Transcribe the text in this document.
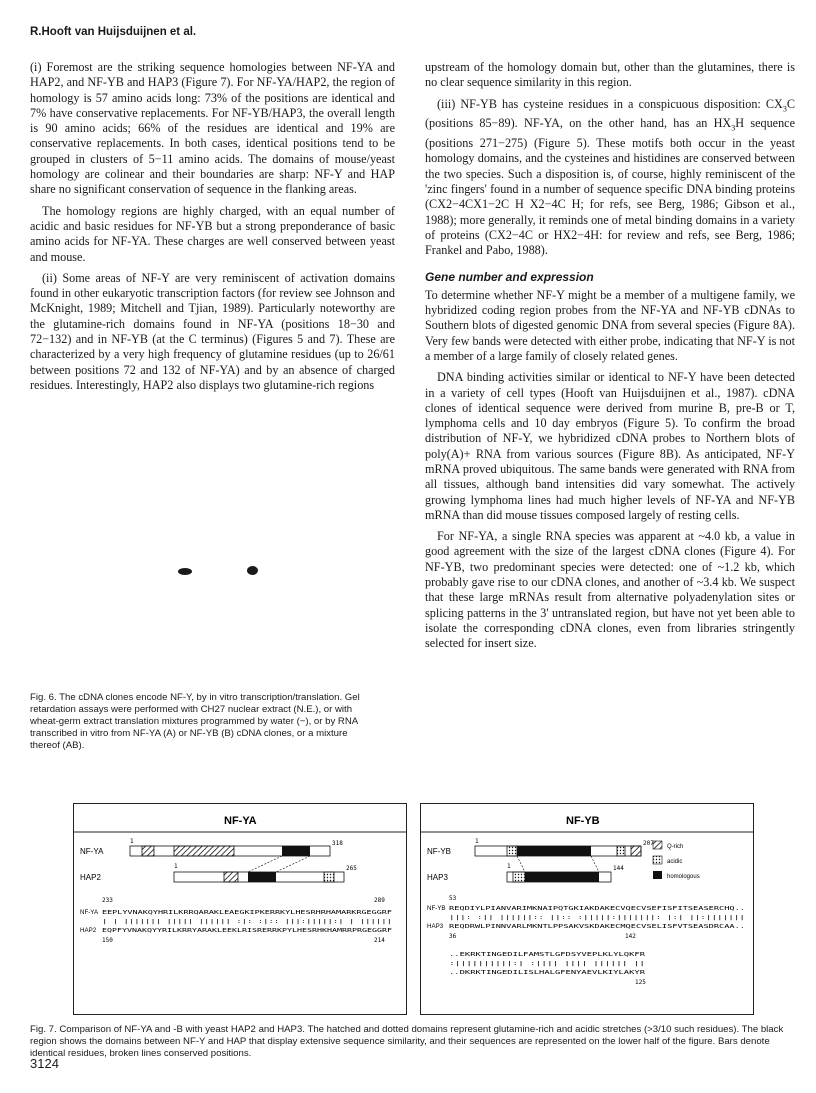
R.Hooft van Huijsduijnen et al.

(i) Foremost are the striking sequence homologies between NF-YA and HAP2, and NF-YB and HAP3 (Figure 7). For NF-YA/HAP2, the region of homology is 57 amino acids long: 73% of the positions are identical and 7% have conservative replacements. For NF-YB/HAP3, the overall length is 90 amino acids; 66% of the residues are identical and 19% are conservative replacements. In both cases, identical positions tend to be grouped in clusters of 5−11 amino acids. The domains of mouse/yeast homology are colinear and their boundaries are sharp: NF-Y and HAP share no significant conservation of sequence in the flanking areas.

The homology regions are highly charged, with an equal number of acidic and basic residues for NF-YB but a strong preponderance of basic amino acids for NF-YA. These charges are well conserved between yeast and mouse.

(ii) Some areas of NF-Y are very reminiscent of activation domains found in other eukaryotic transcription factors (for review see Johnson and McKnight, 1989; Mitchell and Tjian, 1989). Particularly noteworthy are the glutamine-rich domains found in NF-YA (positions 18−30 and 72−132) and in NF-YB (at the C terminus) (Figures 5 and 7). These are characterized by a very high frequency of glutamine residues (up to 26/61 between positions 72 and 132 of NF-YA) and by an absence of charged residues. Interestingly, HAP2 also displays two glutamine-rich regions

upstream of the homology domain but, other than the glutamines, there is no clear sequence similarity in this region.

(iii) NF-YB has cysteine residues in a conspicuous disposition: $CX_3C$ (positions 85−89). NF-YA, on the other hand, has an $HX_3H$ sequence (positions 271−275) (Figure 5). These motifs both occur in the yeast homology domains, and the cysteines and histidines are conserved between the two species. Such a disposition is, of course, highly reminiscent of the 'zinc fingers' found in a number of sequence specific DNA binding proteins (CX2−4CX1−2C H X2−4C H; for refs, see Berg, 1986; Gibson et al., 1988); more generally, it reminds one of metal binding domains in a variety of proteins (CX2−4C or HX2−4H: for review and refs, see Berg, 1986; Frankel and Pabo, 1988).

Gene number and expression

To determine whether NF-Y might be a member of a multigene family, we hybridized coding region probes from the NF-YA and NF-YB cDNAs to Southern blots of digested genomic DNA from several species (Figure 8A). Very few bands were detected with either probe, indicating that NF-Y is not a member of a large family of closely related genes.

DNA binding activities similar or identical to NF-Y have been detected in a variety of cell types (Hooft van Huijsduijnen et al., 1987). cDNA clones of identical sequence were derived from murine B, pre-B or T, lymphoma cells and 10 day embryos (Figure 5). To confirm the broad distribution of NF-Y, we hybridized cDNA probes to Northern blots of poly(A)+ RNA from various sources (Figure 8B). As anticipated, NF-Y mRNA proved ubiquitous. The same bands were generated with RNA from all tissues, although band intensities did vary somewhat. The actively growing lymphoma lines had much higher levels of NF-YA and NF-YB mRNA than did mouse tissues composed largely of resting cells.

For NF-YA, a single RNA species was apparent at ~4.0 kb, a value in good agreement with the size of the largest cDNA clones (Figure 4). For NF-YB, two predominant species were detected: one of ~1.2 kb, which probably gave rise to our cDNA clones, and another of ~3.4 kb. We suspect that these large mRNAs result from alternative polyadenylation sites or splicing patterns in the 3' untranslated region, but have not yet been able to isolate the corresponding cDNA clones, even from libraries stringently selected for insert size.

Fig. 6. The cDNA clones encode NF-Y, by in vitro transcription/translation. Gel retardation assays were performed with CH27 nuclear extract (N.E.), or with wheat-germ extract translation mixtures programmed by water (−), or by RNA transcribed in vitro from NF-YA (A) or NF-YB (B) cDNA clones, or a mixture thereof (AB).
NF-YA
NF-YA
1	318
HAP2
1	265
233	289
NF-YA EEPLYVNAKQYHRILKRRQARAKLEAEGKIPKERRKYLHESRHRHAMARKRGEGGRF
| | ||||||| ||||| |||||| :|: :|:: |||:|||||:| | ||||||
HAP2 EQPFYVNAKQYYRILKRRYARAKLEEKLRISRERRKPYLHESRHKHAMRRPRGEGGRF
150	214
NF-YB
Q-rich
acidic
homologous
NF-YB
1	207
HAP3
1	144
53
NF-YB REQDIYLPIANVARIMKNAIPQTGKIAKDAKECVQECVSEFISFITSEASERCHQ..
|||: :|| ||||||:: ||:: :|||||:|||||||: |:| ||:|||||||
HAP3 REQDRWLPINNVARLMKNTLPPSAKVSKDAKECMQECVSELISFVTSEASDRCAA..
36	142
..EKRKTINGEDILFAMSTLGFDSYVEPLKLYLQKFR
:||||||||||:| :|||| |||| |||||| ||
..DKRKTINGEDILISLHALGFENYAEVLKIYLAKYR
125
Fig. 7. Comparison of NF-YA and -B with yeast HAP2 and HAP3. The hatched and dotted domains represent glutamine-rich and acidic stretches (>3/10 such residues). The black region shows the domains between NF-Y and HAP that display extensive sequence similarity, and their sequences are represented on the lower half of the figure. Bars denote identical residues, broken lines conserved positions.
3124
